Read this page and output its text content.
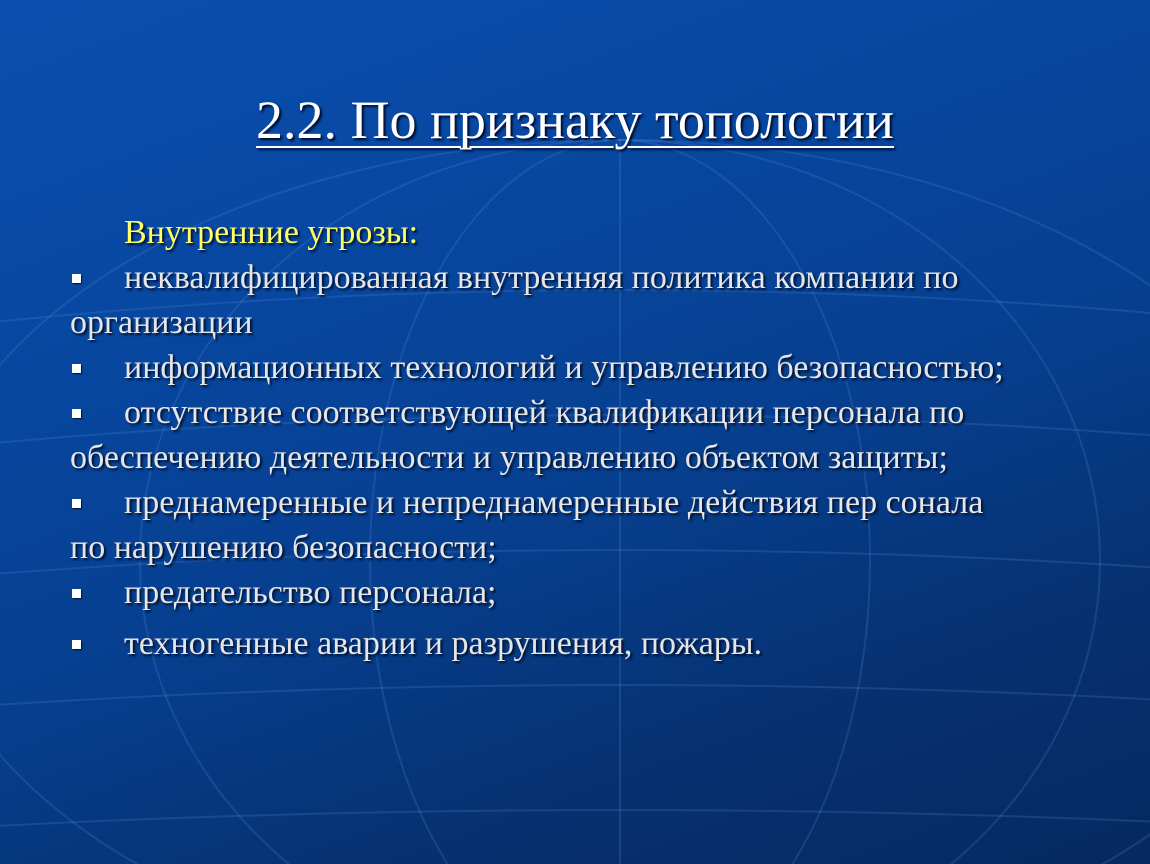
2.2. По признаку топологии
Внутренние угрозы:
неквалифицированная внутренняя политика компании по
организации
информационных технологий и управлению безопасностью;
отсутствие соответствующей квалификации персонала по
обеспечению деятельности и управлению объектом защиты;
преднамеренные и непреднамеренные действия пер сонала
по нарушению безопасности;
предательство персонала;
техногенные аварии и разрушения, пожары.
